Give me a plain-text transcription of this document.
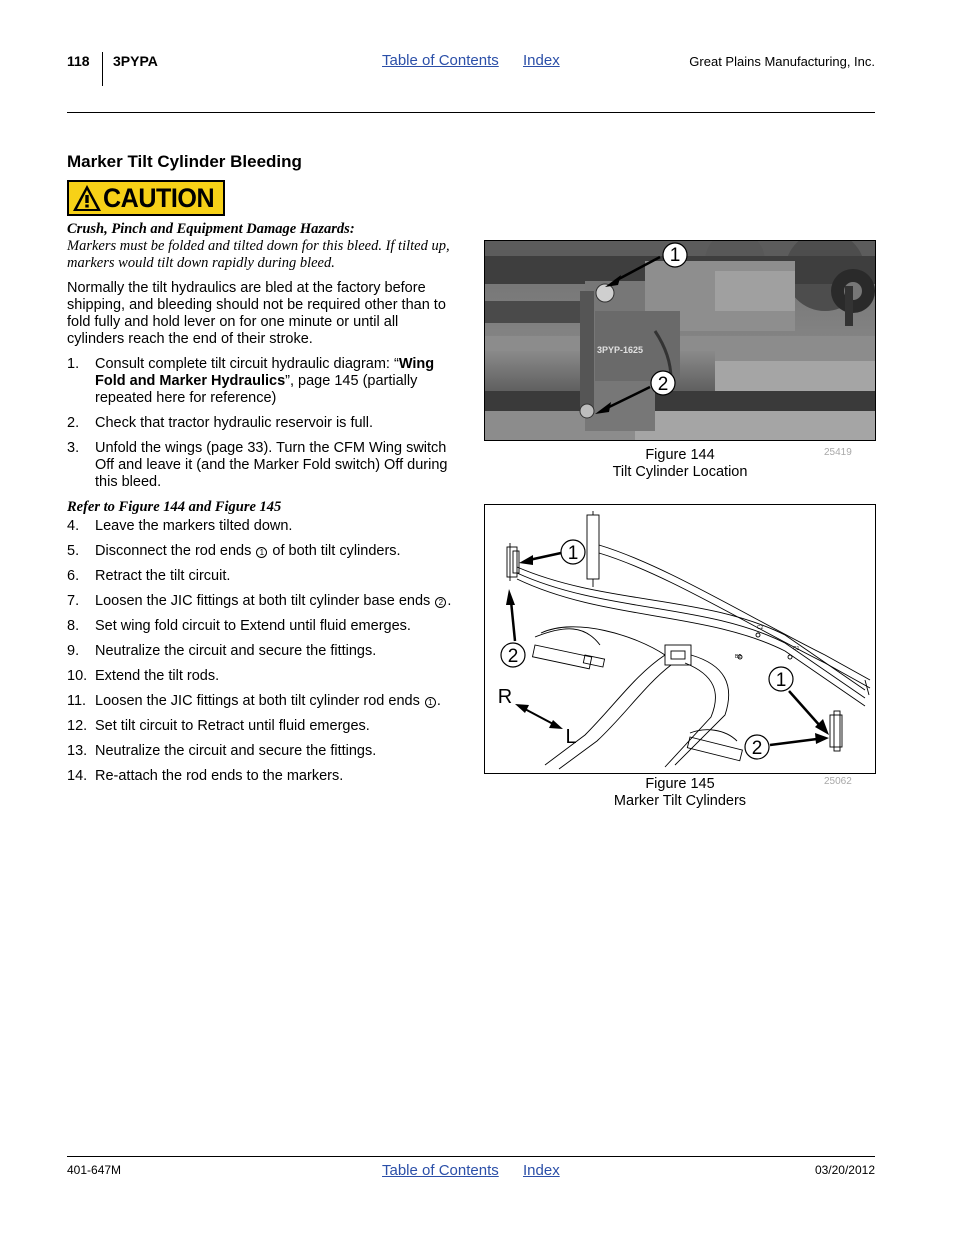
118 3PYPA	Table of Contents Index	Great Plains Manufacturing, Inc.
Marker Tilt Cylinder Bleeding
CAUTION
Crush, Pinch and Equipment Damage Hazards:
Markers must be folded and tilted down for this bleed. If tilted up, markers would tilt down rapidly during bleed.
Normally the tilt hydraulics are bled at the factory before shipping, and bleeding should not be required other than to fold fully and hold lever on for one minute or until all cylinders reach the end of their stroke.
1.	Consult complete tilt circuit hydraulic diagram: “Wing Fold and Marker Hydraulics”, page 145 (partially repeated here for reference)
2.	Check that tractor hydraulic reservoir is full.
3.	Unfold the wings (page 33). Turn the CFM Wing switch Off and leave it (and the Marker Fold switch) Off during this bleed.
Refer to Figure 144 and Figure 145
4.	Leave the markers tilted down.
5.	Disconnect the rod ends 1 of both tilt cylinders.
6.	Retract the tilt circuit.
7.	Loosen the JIC fittings at both tilt cylinder base ends 2 .
8.	Set wing fold circuit to Extend until fluid emerges.
9.	Neutralize the circuit and secure the fittings.
10. Extend the tilt rods.
11. Loosen the JIC fittings at both tilt cylinder rod ends 1 .
12. Set tilt circuit to Retract until fluid emerges.
13. Neutralize the circuit and secure the fittings.
14. Re-attach the rod ends to the markers.
3PYP-1625
1
2
Figure 144
Tilt Cylinder Location
25419
C2
C1
B2
1
2
1
2
R
L
Figure 145
Marker Tilt Cylinders
25062
401-647M	Table of Contents Index	03/20/2012
